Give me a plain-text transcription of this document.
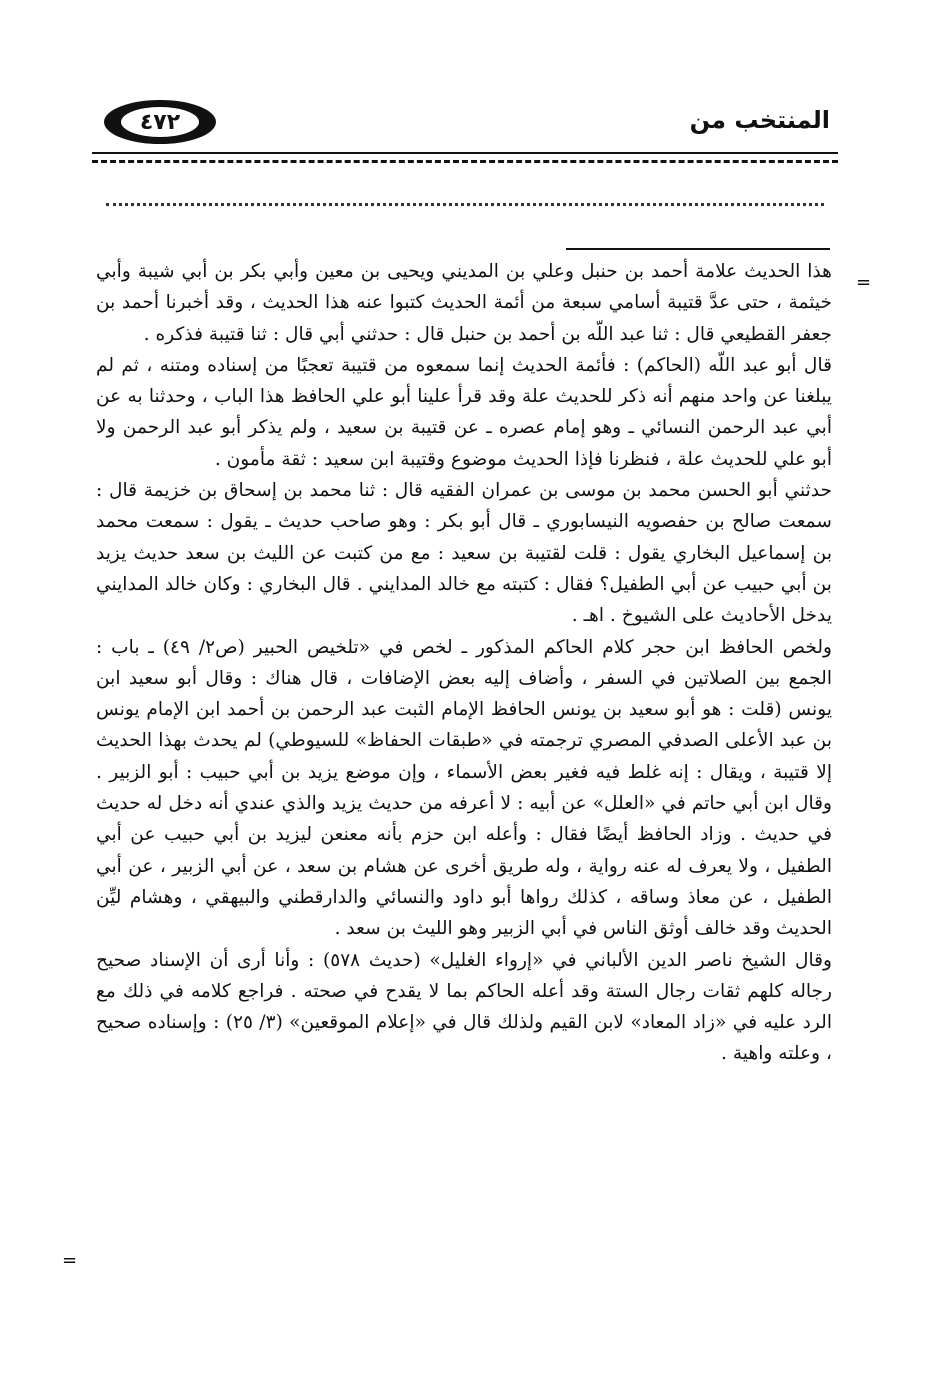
٤٧٢	المنتخب من
=
=

هذا الحديث علامة أحمد بن حنبل وعلي بن المديني ويحيى بن معين وأبي بكر بن أبي شيبة وأبي خيثمة ، حتى عدَّ قتيبة أسامي سبعة من أئمة الحديث كتبوا عنه هذا الحديث ، وقد أخبرنا أحمد بن جعفر القطيعي قال : ثنا عبد اللّه بن أحمد بن حنبل قال : حدثني أبي قال : ثنا قتيبة فذكره .

قال أبو عبد اللّه (الحاكم) : فأئمة الحديث إنما سمعوه من قتيبة تعجبًا من إسناده ومتنه ، ثم لم يبلغنا عن واحد منهم أنه ذكر للحديث علة وقد قرأ علينا أبو علي الحافظ هذا الباب ، وحدثنا به عن أبي عبد الرحمن النسائي ـ وهو إمام عصره ـ عن قتيبة بن سعيد ، ولم يذكر أبو عبد الرحمن ولا أبو علي للحديث علة ، فنظرنا فإذا الحديث موضوع وقتيبة ابن سعيد : ثقة مأمون .

حدثني أبو الحسن محمد بن موسى بن عمران الفقيه قال : ثنا محمد بن إسحاق بن خزيمة قال : سمعت صالح بن حفصويه النيسابوري ـ قال أبو بكر : وهو صاحب حديث ـ يقول : سمعت محمد بن إسماعيل البخاري يقول : قلت لقتيبة بن سعيد : مع من كتبت عن الليث بن سعد حديث يزيد بن أبي حبيب عن أبي الطفيل؟ فقال : كتبته مع خالد المدايني . قال البخاري : وكان خالد المدايني يدخل الأحاديث على الشيوخ . اهـ .

ولخص الحافظ ابن حجر كلام الحاكم المذكور ـ لخص في «تلخيص الحبير (ص٢/ ٤٩) ـ باب : الجمع بين الصلاتين في السفر ، وأضاف إليه بعض الإضافات ، قال هناك : وقال أبو سعيد ابن يونس (قلت : هو أبو سعيد بن يونس الحافظ الإمام الثبت عبد الرحمن بن أحمد ابن الإمام يونس بن عبد الأعلى الصدفي المصري ترجمته في «طبقات الحفاظ» للسيوطي) لم يحدث بهذا الحديث إلا قتيبة ، ويقال : إنه غلط فيه فغير بعض الأسماء ، وإن موضع يزيد بن أبي حبيب : أبو الزبير . وقال ابن أبي حاتم في «العلل» عن أبيه : لا أعرفه من حديث يزيد والذي عندي أنه دخل له حديث في حديث . وزاد الحافظ أيضًا فقال : وأعله ابن حزم بأنه معنعن ليزيد بن أبي حبيب عن أبي الطفيل ، ولا يعرف له عنه رواية ، وله طريق أخرى عن هشام بن سعد ، عن أبي الزبير ، عن أبي الطفيل ، عن معاذ وساقه ، كذلك رواها أبو داود والنسائي والدارقطني والبيهقي ، وهشام ليِّن الحديث وقد خالف أوثق الناس في أبي الزبير وهو الليث بن سعد .

وقال الشيخ ناصر الدين الألباني في «إرواء الغليل» (حديث ٥٧٨) : وأنا أرى أن الإسناد صحيح رجاله كلهم ثقات رجال الستة وقد أعله الحاكم بما لا يقدح في صحته . فراجع كلامه في ذلك مع الرد عليه في «زاد المعاد» لابن القيم ولذلك قال في «إعلام الموقعين» (٣/ ٢٥) : وإسناده صحيح ، وعلته واهية .
